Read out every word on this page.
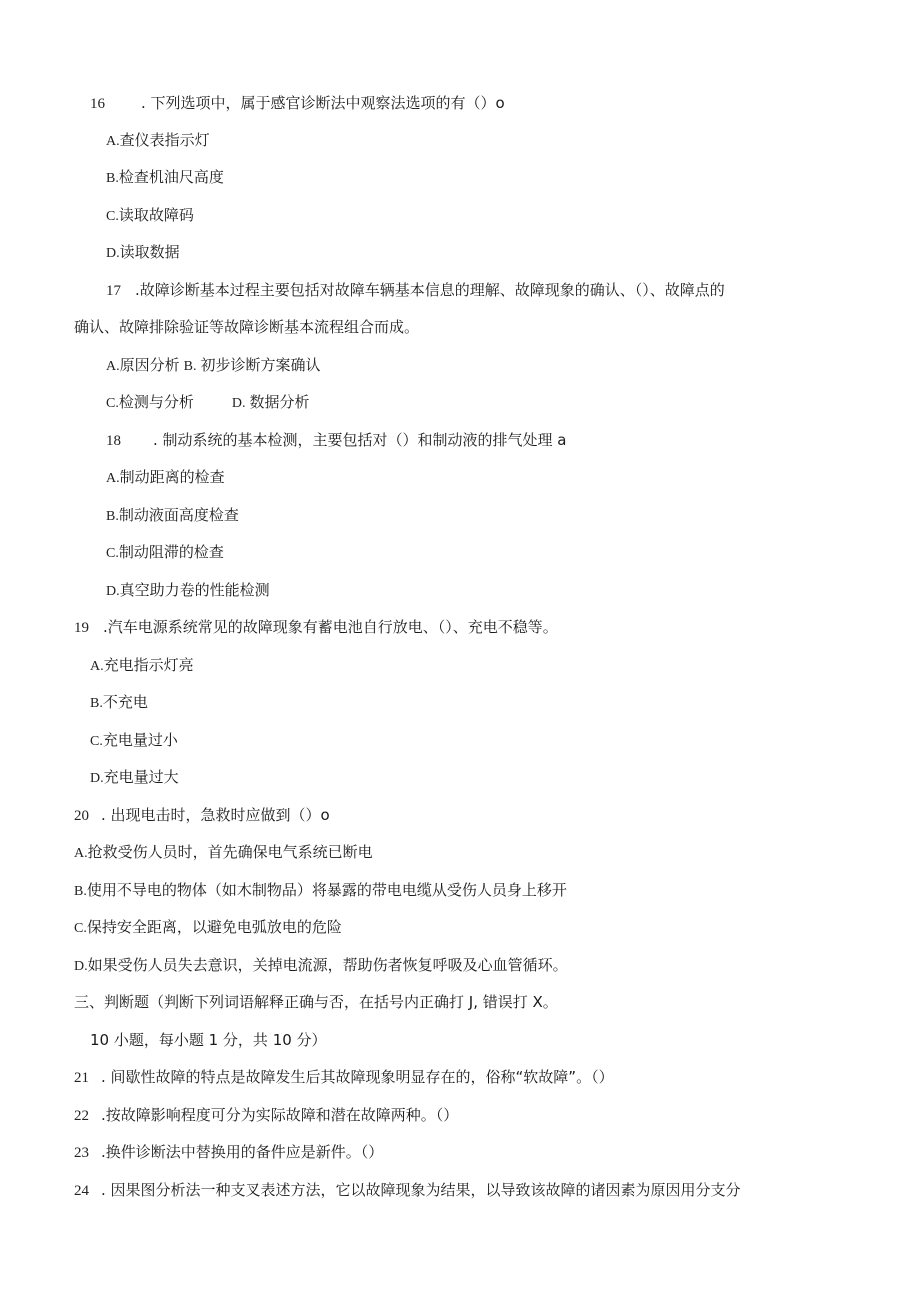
16 . 下列选项中，属于感官诊断法中观察法选项的有（）o
A.查仪表指示灯
B.检查机油尺高度
C.读取故障码
D.读取数据
17 .故障诊断基本过程主要包括对故障车辆基本信息的理解、故障现象的确认、（）、故障点的
确认、故障排除验证等故障诊断基本流程组合而成。
A.原因分析 B. 初步诊断方案确认
C.检测与分析	D. 数据分析
18 . 制动系统的基本检测，主要包括对（）和制动液的排气处理 a
A.制动距离的检查
B.制动液面高度检查
C.制动阻滞的检查
D.真空助力卷的性能检测
19 .汽车电源系统常见的故障现象有蓄电池自行放电、（）、充电不稳等。
A.充电指示灯亮
B.不充电
C.充电量过小
D.充电量过大
20 . 出现电击时，急救时应做到（）o
A.抢救受伤人员时，首先确保电气系统已断电
B.使用不导电的物体（如木制物品）将暴露的带电电缆从受伤人员身上移开
C.保持安全距离，以避免电弧放电的危险
D.如果受伤人员失去意识，关掉电流源，帮助伤者恢复呼吸及心血管循环。
三、判断题（判断下列词语解释正确与否，在括号内正确打 J, 错误打 X。
10 小题，每小题 1 分，共 10 分）
21 . 间歇性故障的特点是故障发生后其故障现象明显存在的，俗称“软故障”。（）
22 .按故障影响程度可分为实际故障和潜在故障两种。（）
23 .换件诊断法中替换用的备件应是新件。（）
24 . 因果图分析法一种支叉表述方法，它以故障现象为结果，以导致该故障的诸因素为原因用分支分
